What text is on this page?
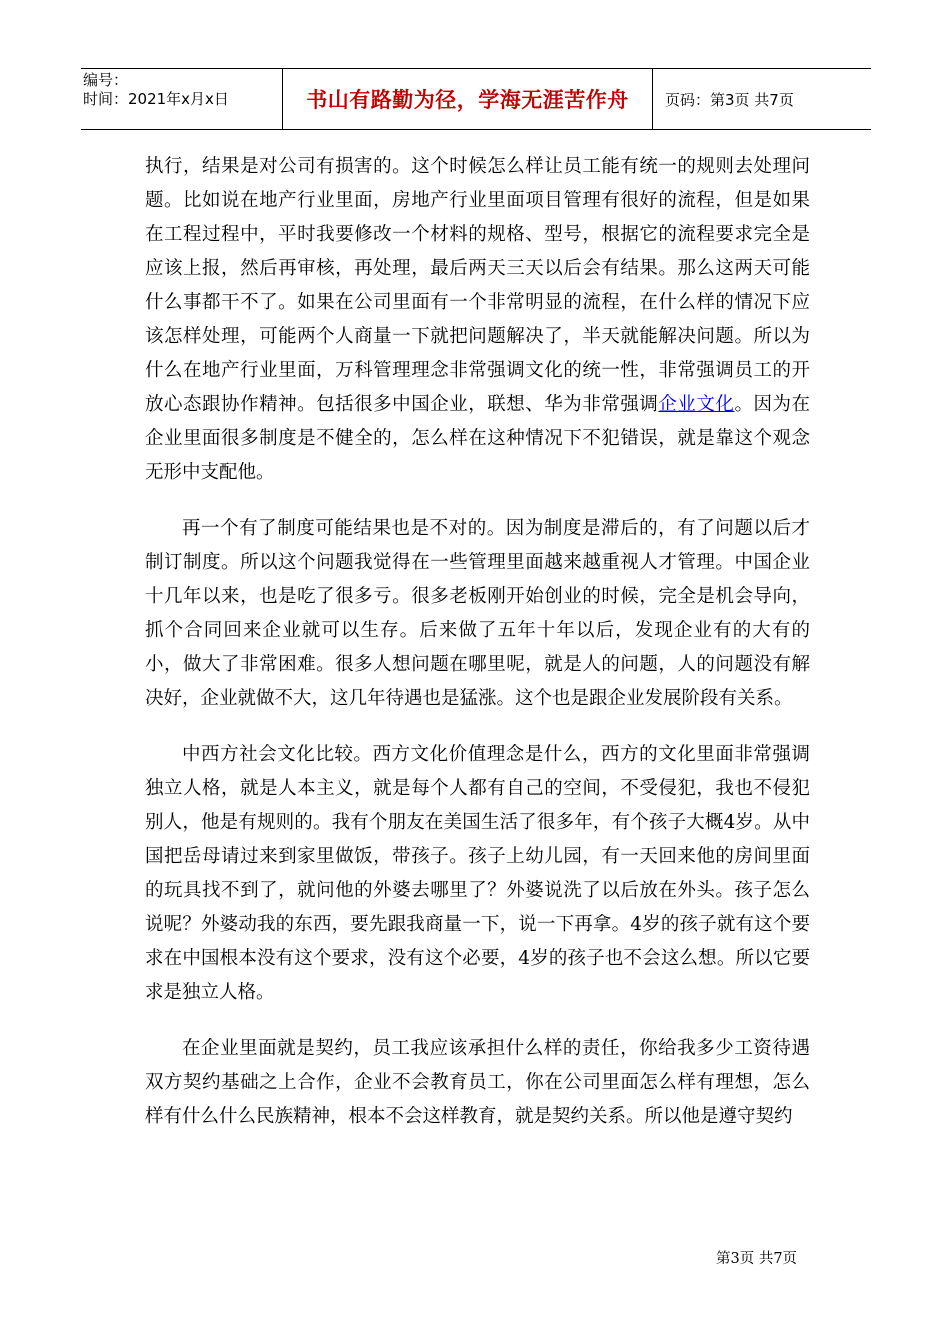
编号：
时间：2021年x月x日	书山有路勤为径，学海无涯苦作舟	页码：第3页 共7页

执行，结果是对公司有损害的。这个时候怎么样让员工能有统一的规则去处理问题。比如说在地产行业里面，房地产行业里面项目管理有很好的流程，但是如果在工程过程中，平时我要修改一个材料的规格、型号，根据它的流程要求完全是应该上报，然后再审核，再处理，最后两天三天以后会有结果。那么这两天可能什么事都干不了。如果在公司里面有一个非常明显的流程，在什么样的情况下应该怎样处理，可能两个人商量一下就把问题解决了，半天就能解决问题。所以为什么在地产行业里面，万科管理理念非常强调文化的统一性，非常强调员工的开放心态跟协作精神。包括很多中国企业，联想、华为非常强调企业文化。因为在企业里面很多制度是不健全的，怎么样在这种情况下不犯错误，就是靠这个观念无形中支配他。

再一个有了制度可能结果也是不对的。因为制度是滞后的，有了问题以后才制订制度。所以这个问题我觉得在一些管理里面越来越重视人才管理。中国企业十几年以来，也是吃了很多亏。很多老板刚开始创业的时候，完全是机会导向，抓个合同回来企业就可以生存。后来做了五年十年以后，发现企业有的大有的小，做大了非常困难。很多人想问题在哪里呢，就是人的问题，人的问题没有解决好，企业就做不大，这几年待遇也是猛涨。这个也是跟企业发展阶段有关系。

中西方社会文化比较。西方文化价值理念是什么，西方的文化里面非常强调独立人格，就是人本主义，就是每个人都有自己的空间，不受侵犯，我也不侵犯别人，他是有规则的。我有个朋友在美国生活了很多年，有个孩子大概4岁。从中国把岳母请过来到家里做饭，带孩子。孩子上幼儿园，有一天回来他的房间里面的玩具找不到了，就问他的外婆去哪里了？外婆说洗了以后放在外头。孩子怎么说呢？外婆动我的东西，要先跟我商量一下，说一下再拿。4岁的孩子就有这个要求在中国根本没有这个要求，没有这个必要，4岁的孩子也不会这么想。所以它要求是独立人格。

在企业里面就是契约，员工我应该承担什么样的责任，你给我多少工资待遇双方契约基础之上合作，企业不会教育员工，你在公司里面怎么样有理想，怎么样有什么什么民族精神，根本不会这样教育，就是契约关系。所以他是遵守契约

第3页 共7页
